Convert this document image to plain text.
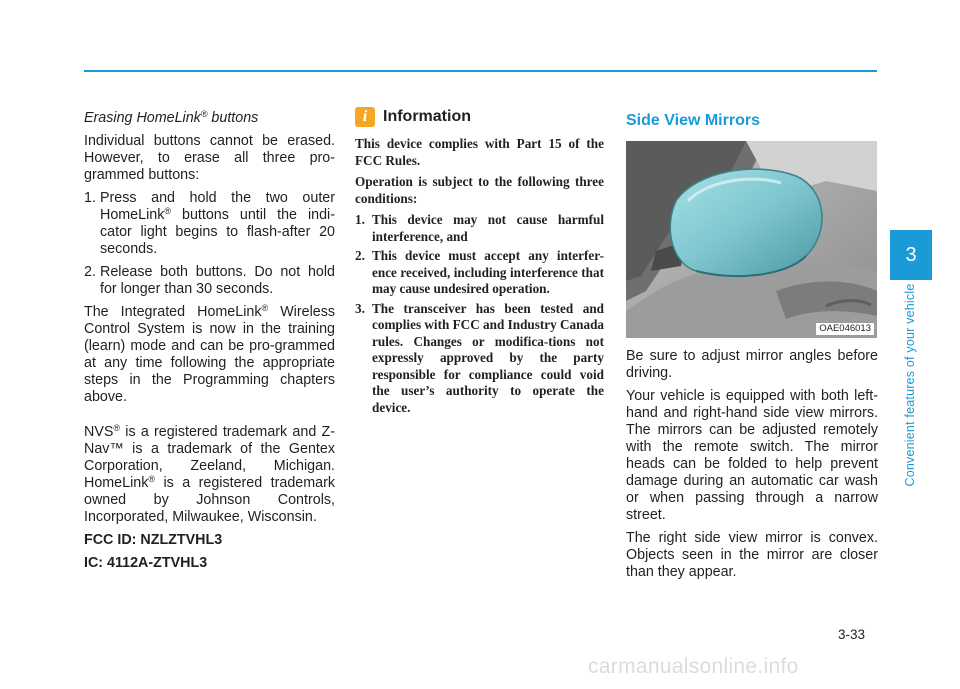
Erasing HomeLink® buttons

Individual buttons cannot be erased. However, to erase all three pro-grammed buttons:

1. Press and hold the two outer HomeLink® buttons until the indi-cator light begins to flash-after 20 seconds.
2. Release both buttons. Do not hold for longer than 30 seconds.

The Integrated HomeLink® Wireless Control System is now in the training (learn) mode and can be pro-grammed at any time following the appropriate steps in the Programming chapters above.

NVS® is a registered trademark and Z-Nav™ is a trademark of the Gentex Corporation, Zeeland, Michigan. HomeLink® is a registered trademark owned by Johnson Controls, Incorporated, Milwaukee, Wisconsin.

FCC ID: NZLZTVHL3
IC: 4112A-ZTVHL3
i Information

This device complies with Part 15 of the FCC Rules.

Operation is subject to the following three conditions:

1. This device may not cause harmful interference, and
2. This device must accept any interfer-ence received, including interference that may cause undesired operation.
3. The transceiver has been tested and complies with FCC and Industry Canada rules. Changes or modifica-tions not expressly approved by the party responsible for compliance could void the user’s authority to operate the device.
Side View Mirrors
OAE046013

Be sure to adjust mirror angles before driving.

Your vehicle is equipped with both left-hand and right-hand side view mirrors. The mirrors can be adjusted remotely with the remote switch. The mirror heads can be folded to help prevent damage during an automatic car wash or when passing through a narrow street.

The right side view mirror is convex. Objects seen in the mirror are closer than they appear.

3
Convenient features of your vehicle
3-33
carmanualsonline.info
